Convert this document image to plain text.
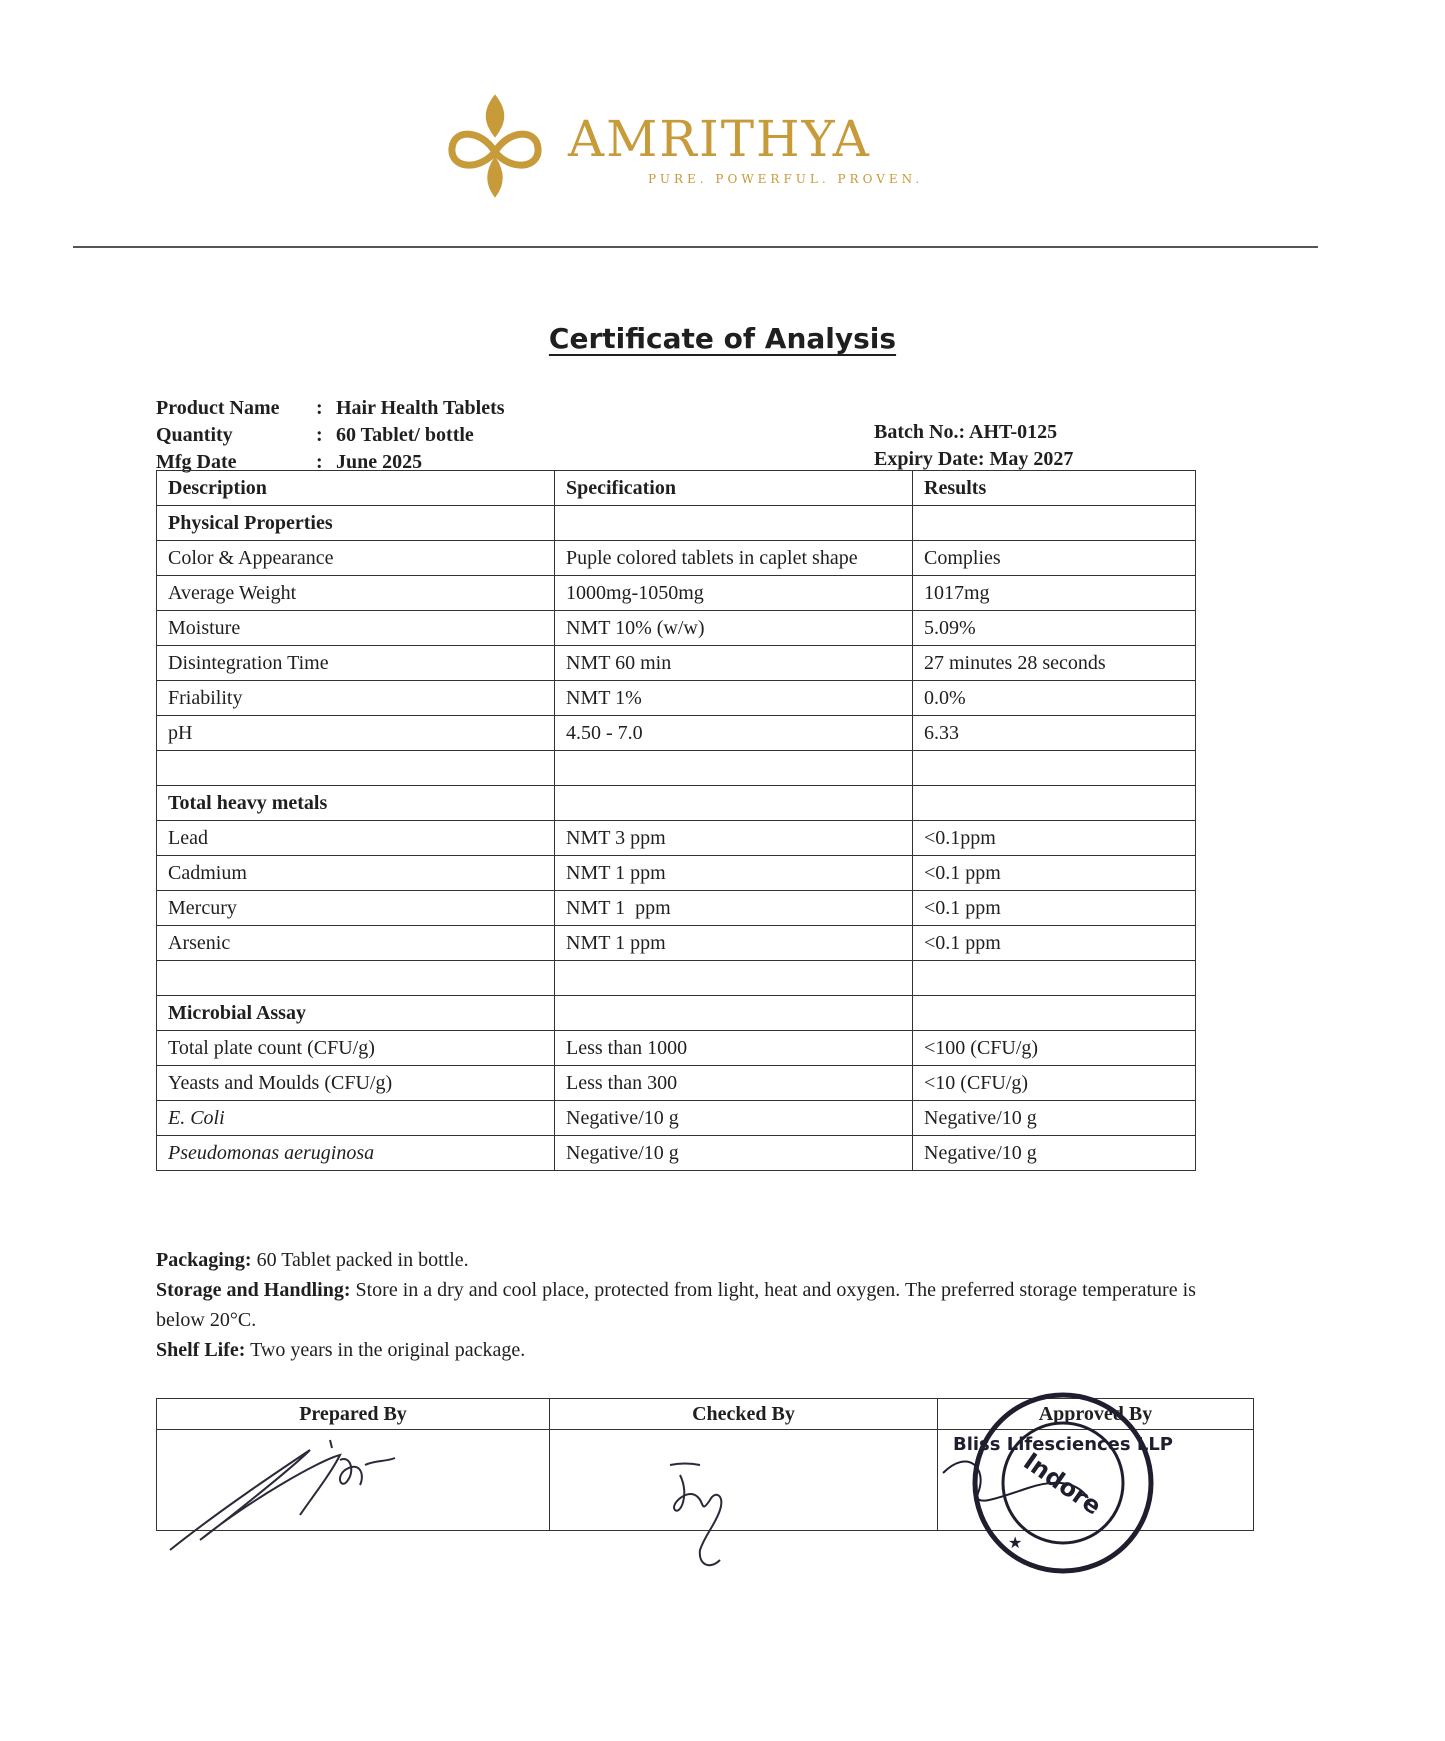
AMRITHYA
PURE. POWERFUL. PROVEN.
Certificate of Analysis
Product Name	: Hair Health Tablets
Quantity	: 60 Tablet/ bottle
Mfg Date	: June 2025
Batch No.: AHT-0125
Expiry Date: May 2027
Description	Specification	Results
Physical Properties		
Color & Appearance	Puple colored tablets in caplet shape	Complies
Average Weight	1000mg-1050mg	1017mg
Moisture	NMT 10% (w/w)	5.09%
Disintegration Time	NMT 60 min	27 minutes 28 seconds
Friability	NMT 1%	0.0%
pH	4.50 - 7.0	6.33

Total heavy metals		
Lead	NMT 3 ppm	<0.1ppm
Cadmium	NMT 1 ppm	<0.1 ppm
Mercury	NMT 1  ppm	<0.1 ppm
Arsenic	NMT 1 ppm	<0.1 ppm

Microbial Assay		
Total plate count (CFU/g)	Less than 1000	<100 (CFU/g)
Yeasts and Moulds (CFU/g)	Less than 300	<10 (CFU/g)
E. Coli	Negative/10 g	Negative/10 g
Pseudomonas aeruginosa	Negative/10 g	Negative/10 g
Packaging: 60 Tablet packed in bottle.
Storage and Handling: Store in a dry and cool place, protected from light, heat and oxygen. The preferred storage temperature is below 20°C.
Shelf Life: Two years in the original package.
Prepared By	Checked By	Approved By

Bliss Lifesciences LLP
Indore
★
